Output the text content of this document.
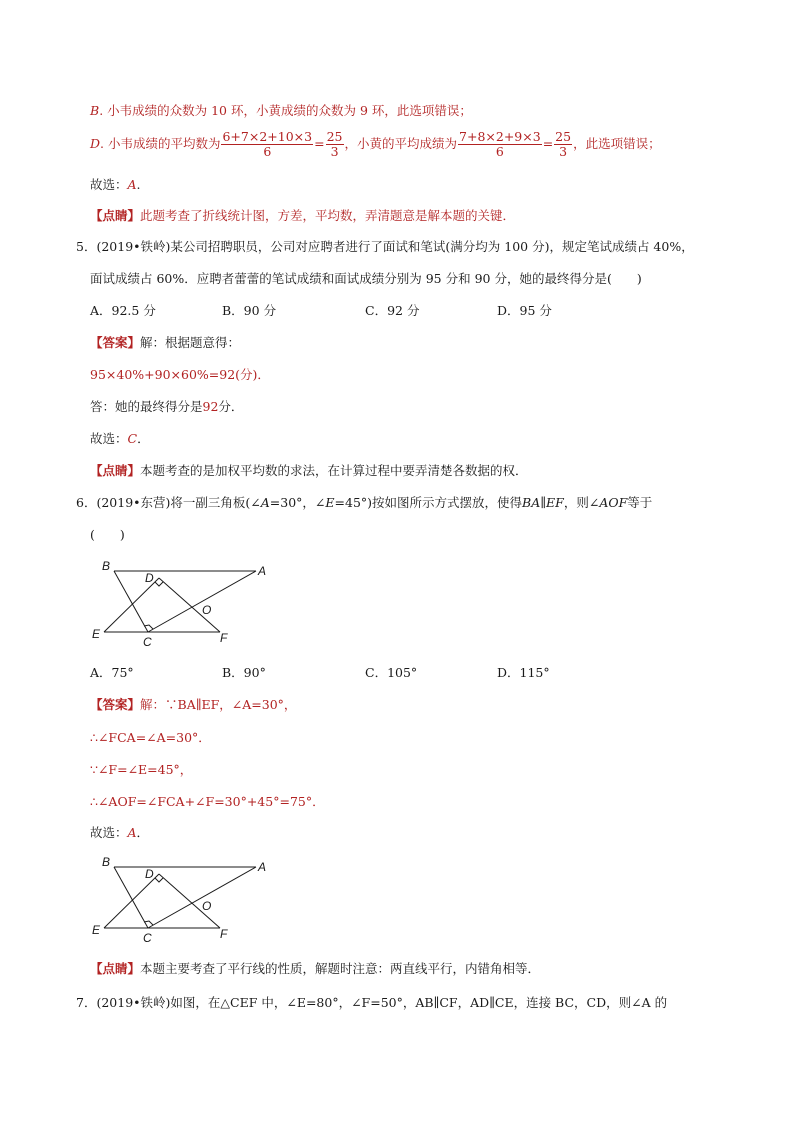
B. 小韦成绩的众数为 10 环，小黄成绩的众数为 9 环，此选项错误；
D. 小韦成绩的平均数为 $\frac{6+7\times 2+10\times 3}{6} = \frac{25}{3}$ ，小黄的平均成绩为 $\frac{7+8\times 2+9\times 3}{6} = \frac{25}{3}$ ，此选项错误；
故选：A.
【点睛】此题考查了折线统计图，方差，平均数，弄清题意是解本题的关键．
5．(2019•铁岭)某公司招聘职员，公司对应聘者进行了面试和笔试(满分均为 100 分)，规定笔试成绩占 40%，
面试成绩占 60%．应聘者蕾蕾的笔试成绩和面试成绩分别为 95 分和 90 分，她的最终得分是(　　)
A．92.5 分	B．90 分	C．92 分	D．95 分
【答案】解：根据题意得：
95×40%+90×60%=92(分)．
答：她的最终得分是92分．
故选：C．
【点睛】本题考查的是加权平均数的求法，在计算过程中要弄清楚各数据的权．
6．(2019•东营)将一副三角板(∠A=30°，∠E=45°)按如图所示方式摆放，使得BA∥EF，则∠AOF等于
(　　)
B
D	A
O
E
C	F
A．75°	B．90°	C．105°	D．115°
【答案】解：∵BA∥EF，∠A=30°，
∴∠FCA=∠A=30°．
∵∠F=∠E=45°，
∴∠AOF=∠FCA+∠F=30°+45°=75°．
故选：A．
B
D	A
O
E
C	F
【点睛】本题主要考查了平行线的性质，解题时注意：两直线平行，内错角相等．
7．(2019•铁岭)如图，在△CEF 中，∠E=80°，∠F=50°，AB∥CF，AD∥CE，连接 BC，CD，则∠A 的
